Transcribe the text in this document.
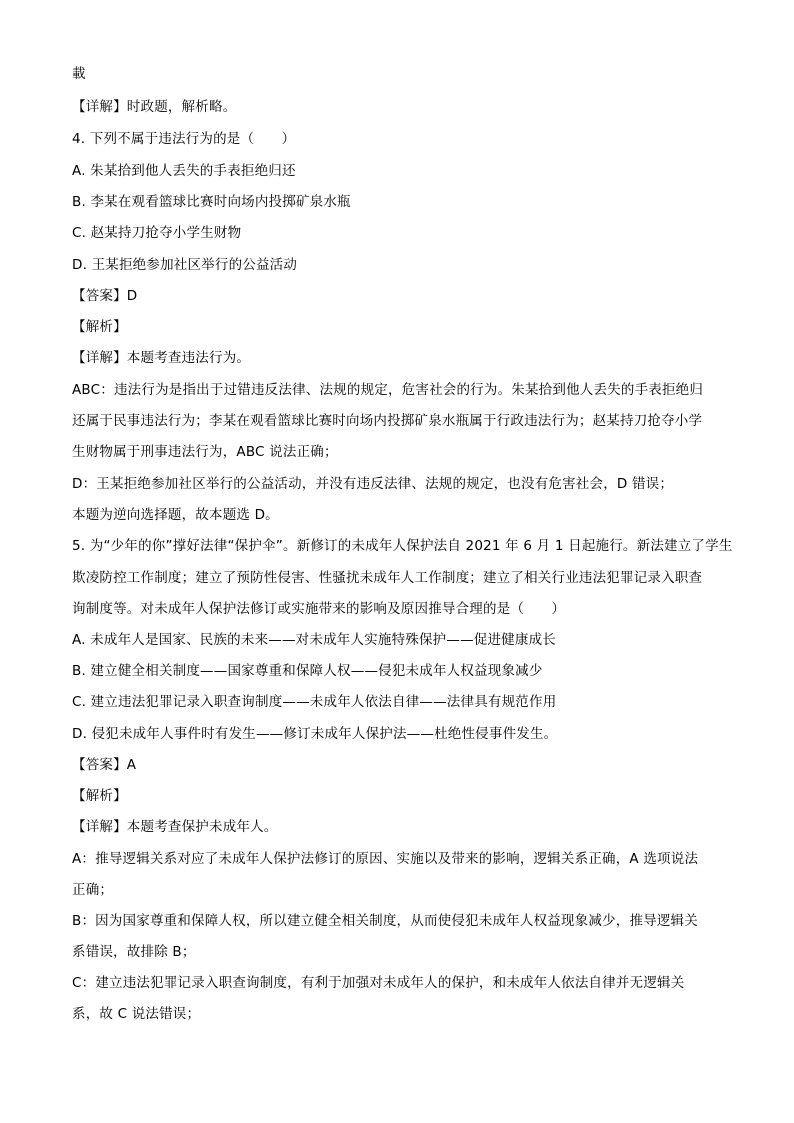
載
【详解】时政题，解析略。
4. 下列不属于违法行为的是（　　）
A. 朱某拾到他人丢失的手表拒绝归还
B. 李某在观看篮球比赛时向场内投掷矿泉水瓶
C. 赵某持刀抢夺小学生财物
D. 王某拒绝参加社区举行的公益活动
【答案】D
【解析】
【详解】本题考查违法行为。
ABC：违法行为是指出于过错违反法律、法规的规定，危害社会的行为。朱某拾到他人丢失的手表拒绝归
还属于民事违法行为；李某在观看篮球比赛时向场内投掷矿泉水瓶属于行政违法行为；赵某持刀抢夺小学
生财物属于刑事违法行为，ABC 说法正确；
D：王某拒绝参加社区举行的公益活动，并没有违反法律、法规的规定，也没有危害社会，D 错误；
本题为逆向选择题，故本题选 D。
5. 为“少年的你”撑好法律“保护伞”。新修订的未成年人保护法自 2021 年 6 月 1 日起施行。新法建立了学生
欺凌防控工作制度；建立了预防性侵害、性骚扰未成年人工作制度；建立了相关行业违法犯罪记录入职查
询制度等。对未成年人保护法修订或实施带来的影响及原因推导合理的是（　　）
A. 未成年人是国家、民族的未来——对未成年人实施特殊保护——促进健康成长
B. 建立健全相关制度——国家尊重和保障人权——侵犯未成年人权益现象减少
C. 建立违法犯罪记录入职查询制度——未成年人依法自律——法律具有规范作用
D. 侵犯未成年人事件时有发生——修订未成年人保护法——杜绝性侵事件发生。
【答案】A
【解析】
【详解】本题考查保护未成年人。
A：推导逻辑关系对应了未成年人保护法修订的原因、实施以及带来的影响，逻辑关系正确，A 选项说法
正确；
B：因为国家尊重和保障人权，所以建立健全相关制度，从而使侵犯未成年人权益现象减少，推导逻辑关
系错误，故排除 B；
C：建立违法犯罪记录入职查询制度，有利于加强对未成年人的保护，和未成年人依法自律并无逻辑关
系，故 C 说法错误；
